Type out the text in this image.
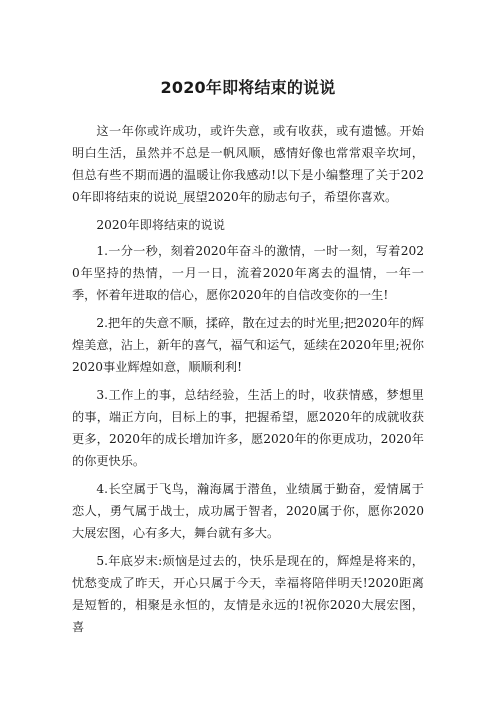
2020年即将结束的说说

这一年你或许成功，或许失意，或有收获，或有遗憾。开始明白生活，虽然并不总是一帆风顺，感情好像也常常艰辛坎坷，但总有些不期而遇的温暖让你我感动!以下是小编整理了关于2020年即将结束的说说_展望2020年的励志句子，希望你喜欢。

2020年即将结束的说说

1.一分一秒，刻着2020年奋斗的激情，一时一刻，写着2020年坚持的热情，一月一日，流着2020年离去的温情，一年一季，怀着年进取的信心，愿你2020年的自信改变你的一生!

2.把年的失意不顺，揉碎，散在过去的时光里;把2020年的辉煌美意，沾上，新年的喜气，福气和运气，延续在2020年里;祝你2020事业辉煌如意，顺顺利利!

3.工作上的事，总结经验，生活上的时，收获情感，梦想里的事，端正方向，目标上的事，把握希望，愿2020年的成就收获更多，2020年的成长增加许多，愿2020年的你更成功，2020年的你更快乐。

4.长空属于飞鸟，瀚海属于潜鱼，业绩属于勤奋，爱情属于恋人，勇气属于战士，成功属于智者，2020属于你，愿你2020大展宏图，心有多大，舞台就有多大。

5.年底岁末:烦恼是过去的，快乐是现在的，辉煌是将来的，忧愁变成了昨天，开心只属于今天，幸福将陪伴明天!2020距离是短暂的，相聚是永恒的，友情是永远的!祝你2020大展宏图，喜
